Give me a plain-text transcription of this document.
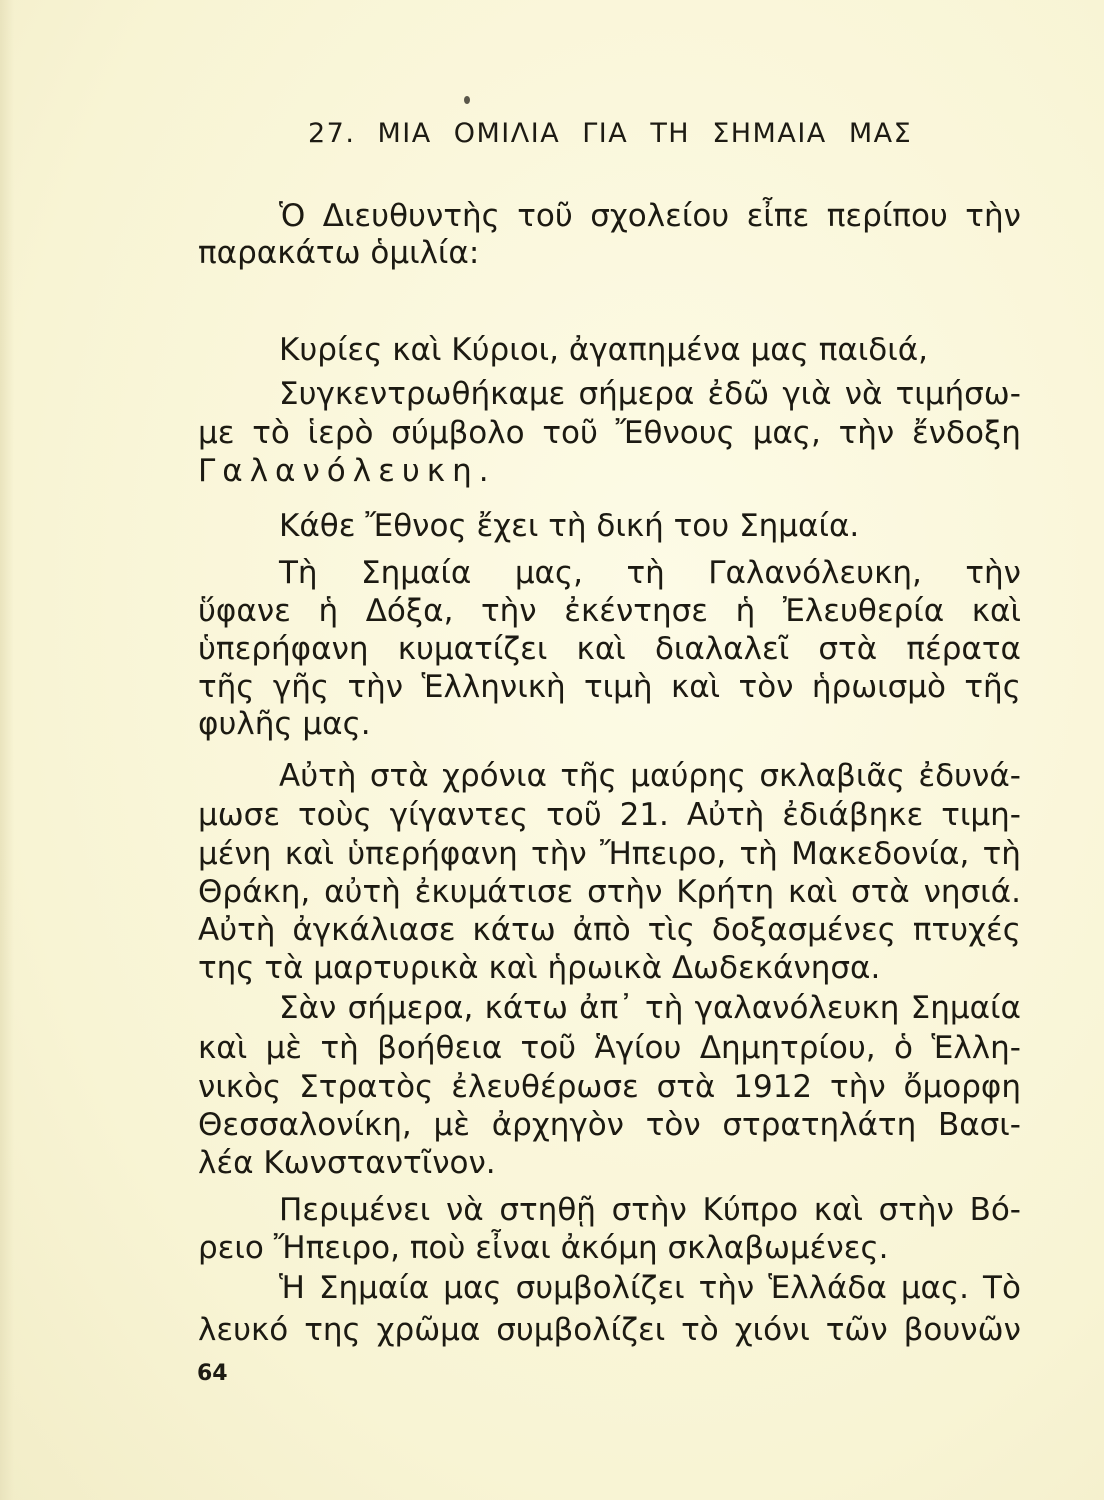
27. ΜΙΑ ΟΜΙΛΙΑ ΓΙΑ ΤΗ ΣΗΜΑΙΑ ΜΑΣ
Ὁ Διευθυντὴς τοῦ σχολείου εἶπε περίπου τὴν
παρακάτω ὁμιλία:
Κυρίες καὶ Κύριοι, ἀγαπημένα μας παιδιά,
Συγκεντρωθήκαμε σήμερα ἐδῶ γιὰ νὰ τιμήσω-
με τὸ ἱερὸ σύμβολο τοῦ Ἔθνους μας, τὴν ἔνδοξη
Γαλανόλευκη.
Κάθε Ἔθνος ἔχει τὴ δική του Σημαία.
Τὴ Σημαία μας, τὴ Γαλανόλευκη, τὴν
ὕφανε ἡ Δόξα, τὴν ἐκέντησε ἡ Ἐλευθερία καὶ
ὑπερήφανη κυματίζει καὶ διαλαλεῖ στὰ πέρατα
τῆς γῆς τὴν Ἑλληνικὴ τιμὴ καὶ τὸν ἡρωισμὸ τῆς
φυλῆς μας.
Αὐτὴ στὰ χρόνια τῆς μαύρης σκλαβιᾶς ἐδυνά-
μωσε τοὺς γίγαντες τοῦ 21. Αὐτὴ ἐδιάβηκε τιμη-
μένη καὶ ὑπερήφανη τὴν Ἤπειρο, τὴ Μακεδονία, τὴ
Θράκη, αὐτὴ ἐκυμάτισε στὴν Κρήτη καὶ στὰ νησιά.
Αὐτὴ ἀγκάλιασε κάτω ἀπὸ τὶς δοξασμένες πτυχές
της τὰ μαρτυρικὰ καὶ ἡρωικὰ Δωδεκάνησα.
Σὰν σήμερα, κάτω ἀπ᾽ τὴ γαλανόλευκη Σημαία
καὶ μὲ τὴ βοήθεια τοῦ Ἁγίου Δημητρίου, ὁ Ἑλλη-
νικὸς Στρατὸς ἐλευθέρωσε στὰ 1912 τὴν ὄμορφη
Θεσσαλονίκη, μὲ ἀρχηγὸν τὸν στρατηλάτη Βασι-
λέα Κωνσταντῖνον.
Περιμένει νὰ στηθῇ στὴν Κύπρο καὶ στὴν Βό-
ρειο Ἤπειρο, ποὺ εἶναι ἀκόμη σκλαβωμένες.
Ἡ Σημαία μας συμβολίζει τὴν Ἑλλάδα μας. Τὸ
λευκό της χρῶμα συμβολίζει τὸ χιόνι τῶν βουνῶν
64
